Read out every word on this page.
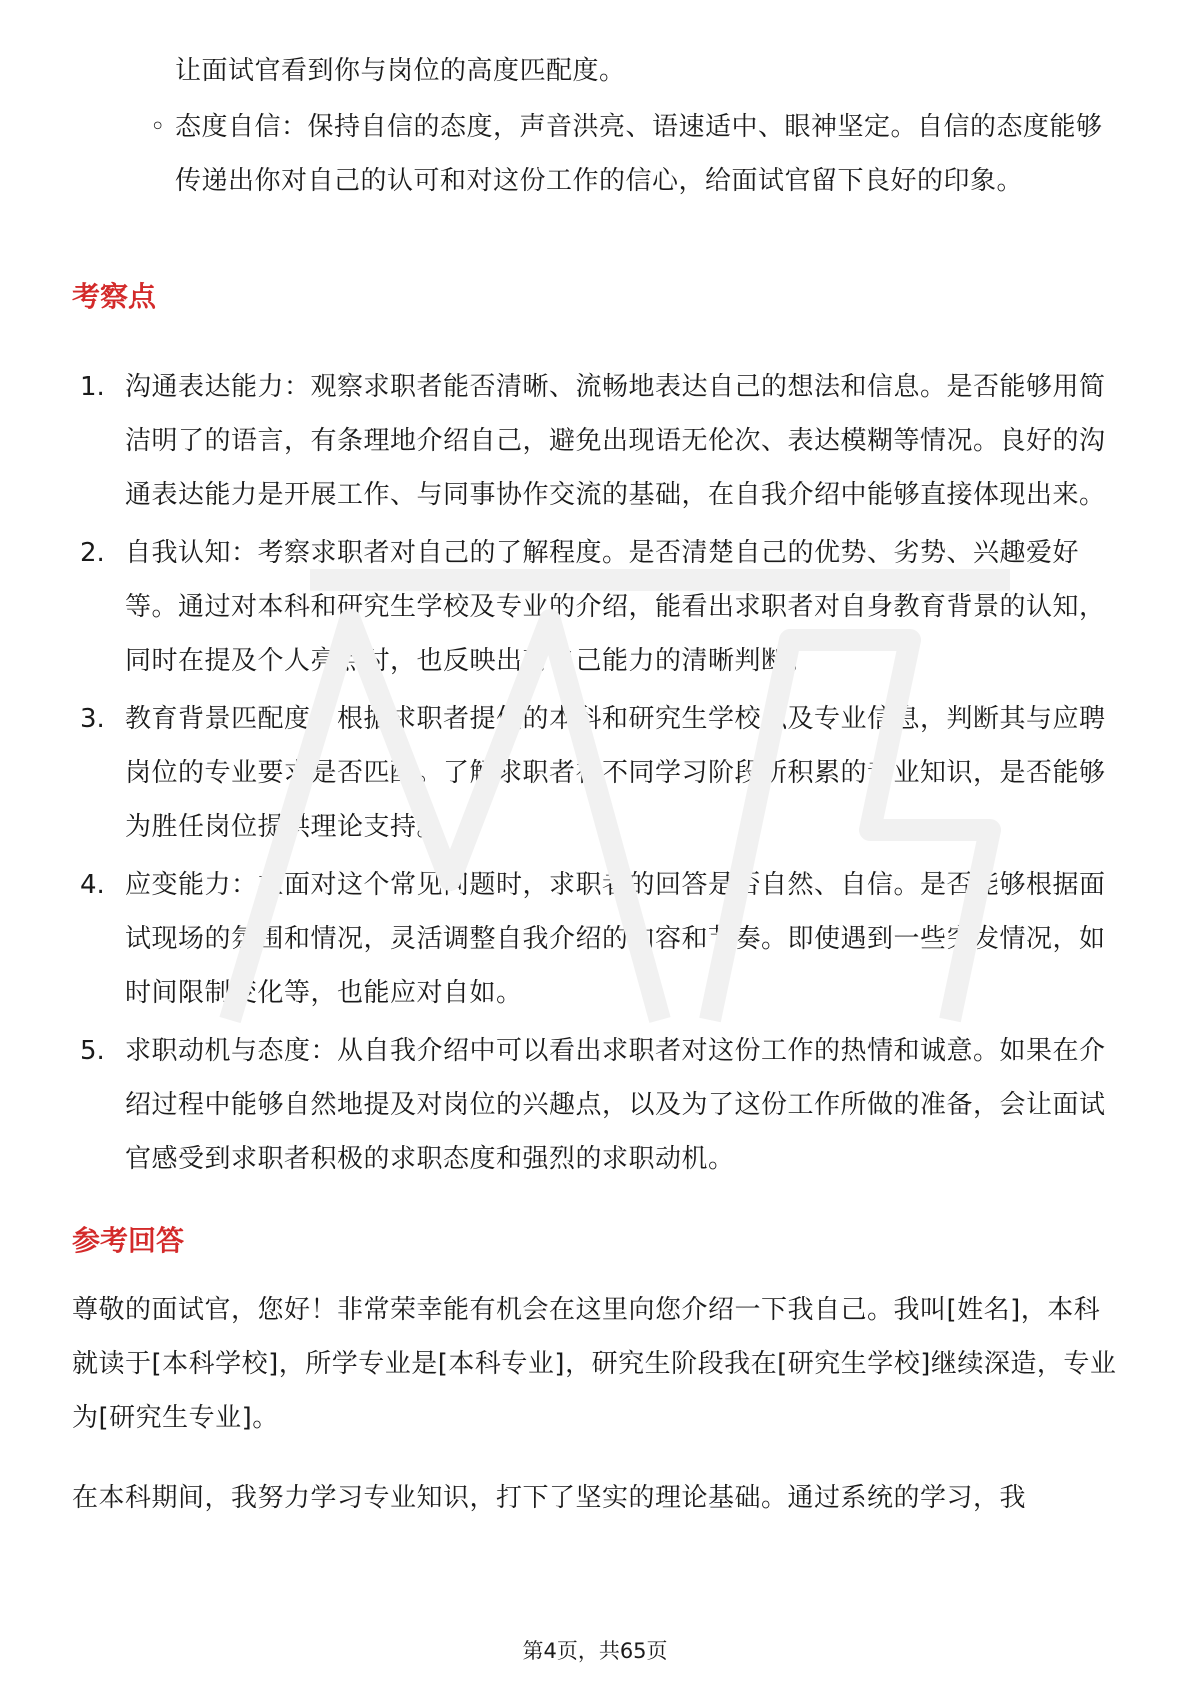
让面试官看到你与岗位的高度匹配度。

◦ 态度自信：保持自信的态度，声音洪亮、语速适中、眼神坚定。自信的态度能够传递出你对自己的认可和对这份工作的信心，给面试官留下良好的印象。

考察点
1. 沟通表达能力：观察求职者能否清晰、流畅地表达自己的想法和信息。是否能够用简洁明了的语言，有条理地介绍自己，避免出现语无伦次、表达模糊等情况。良好的沟通表达能力是开展工作、与同事协作交流的基础，在自我介绍中能够直接体现出来。

2. 自我认知：考察求职者对自己的了解程度。是否清楚自己的优势、劣势、兴趣爱好等。通过对本科和研究生学校及专业的介绍，能看出求职者对自身教育背景的认知，同时在提及个人亮点时，也反映出对自己能力的清晰判断。

3. 教育背景匹配度：根据求职者提供的本科和研究生学校以及专业信息，判断其与应聘岗位的专业要求是否匹配。了解求职者在不同学习阶段所积累的专业知识，是否能够为胜任岗位提供理论支持。

4. 应变能力：在面对这个常见问题时，求职者的回答是否自然、自信。是否能够根据面试现场的氛围和情况，灵活调整自我介绍的内容和节奏。即使遇到一些突发情况，如时间限制变化等，也能应对自如。

5. 求职动机与态度：从自我介绍中可以看出求职者对这份工作的热情和诚意。如果在介绍过程中能够自然地提及对岗位的兴趣点，以及为了这份工作所做的准备，会让面试官感受到求职者积极的求职态度和强烈的求职动机。

参考回答

尊敬的面试官，您好！非常荣幸能有机会在这里向您介绍一下我自己。我叫[姓名]，本科就读于[本科学校]，所学专业是[本科专业]，研究生阶段我在[研究生学校]继续深造，专业为[研究生专业]。

在本科期间，我努力学习专业知识，打下了坚实的理论基础。通过系统的学习，我

第4页，共65页
